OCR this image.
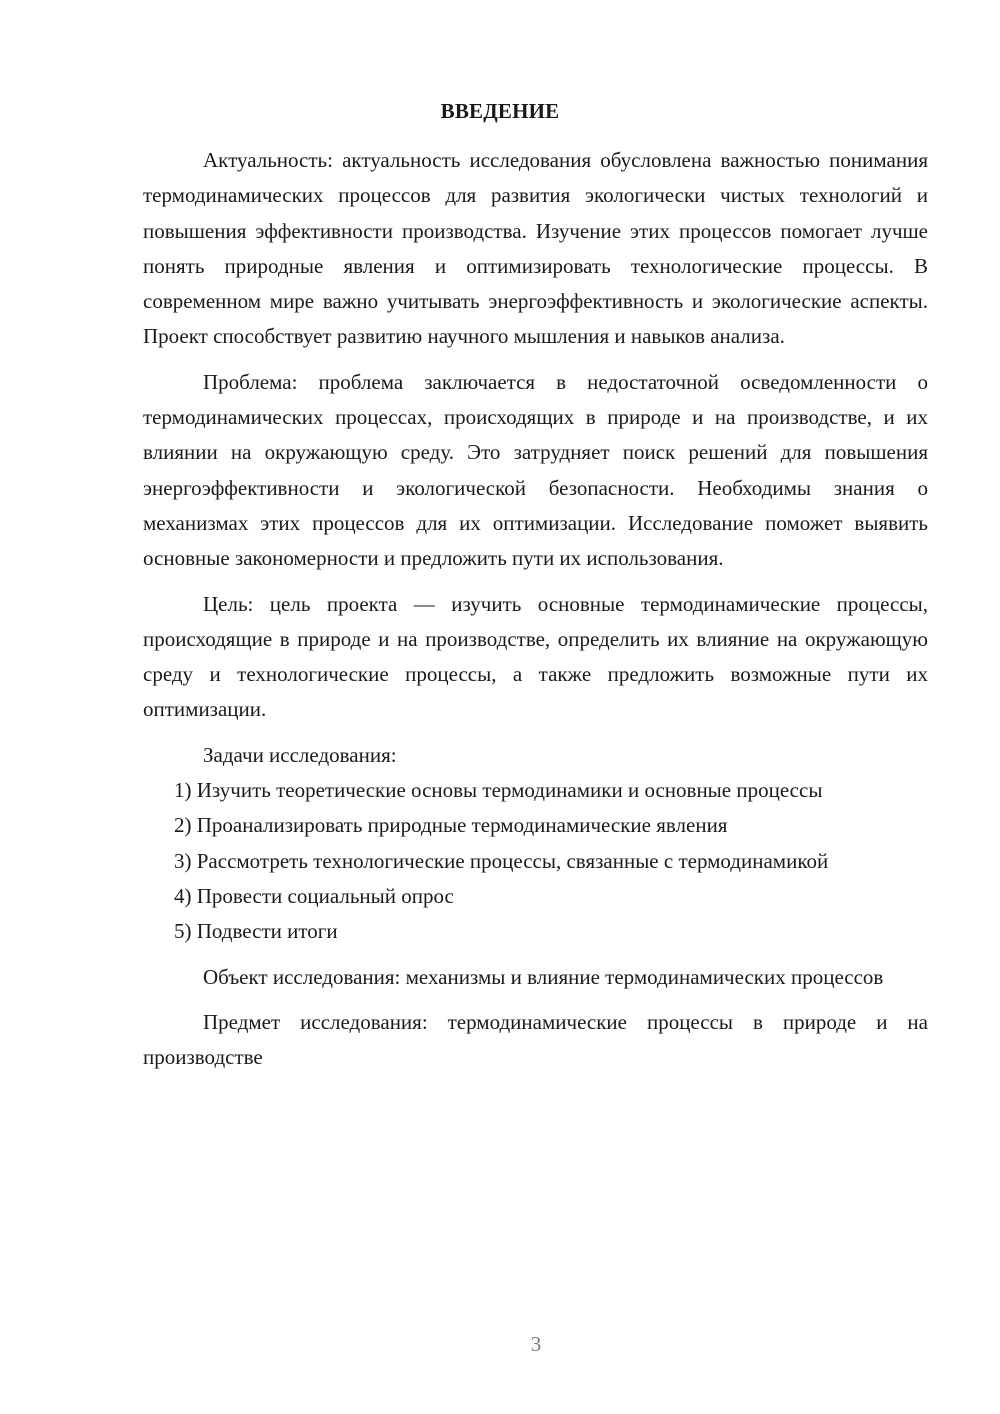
ВВЕДЕНИЕ

Актуальность: актуальность исследования обусловлена важностью понимания термодинамических процессов для развития экологически чистых технологий и повышения эффективности производства. Изучение этих процессов помогает лучше понять природные явления и оптимизировать технологические процессы. В современном мире важно учитывать энергоэффективность и экологические аспекты. Проект способствует развитию научного мышления и навыков анализа.

Проблема: проблема заключается в недостаточной осведомленности о термодинамических процессах, происходящих в природе и на производстве, и их влиянии на окружающую среду. Это затрудняет поиск решений для повышения энергоэффективности и экологической безопасности. Необходимы знания о механизмах этих процессов для их оптимизации. Исследование поможет выявить основные закономерности и предложить пути их использования.

Цель: цель проекта — изучить основные термодинамические процессы, происходящие в природе и на производстве, определить их влияние на окружающую среду и технологические процессы, а также предложить возможные пути их оптимизации.

Задачи исследования:

1) Изучить теоретические основы термодинамики и основные процессы

2) Проанализировать природные термодинамические явления

3) Рассмотреть технологические процессы, связанные с термодинамикой

4) Провести социальный опрос

5) Подвести итоги

Объект исследования: механизмы и влияние термодинамических процессов

Предмет исследования: термодинамические процессы в природе и на производстве

3
